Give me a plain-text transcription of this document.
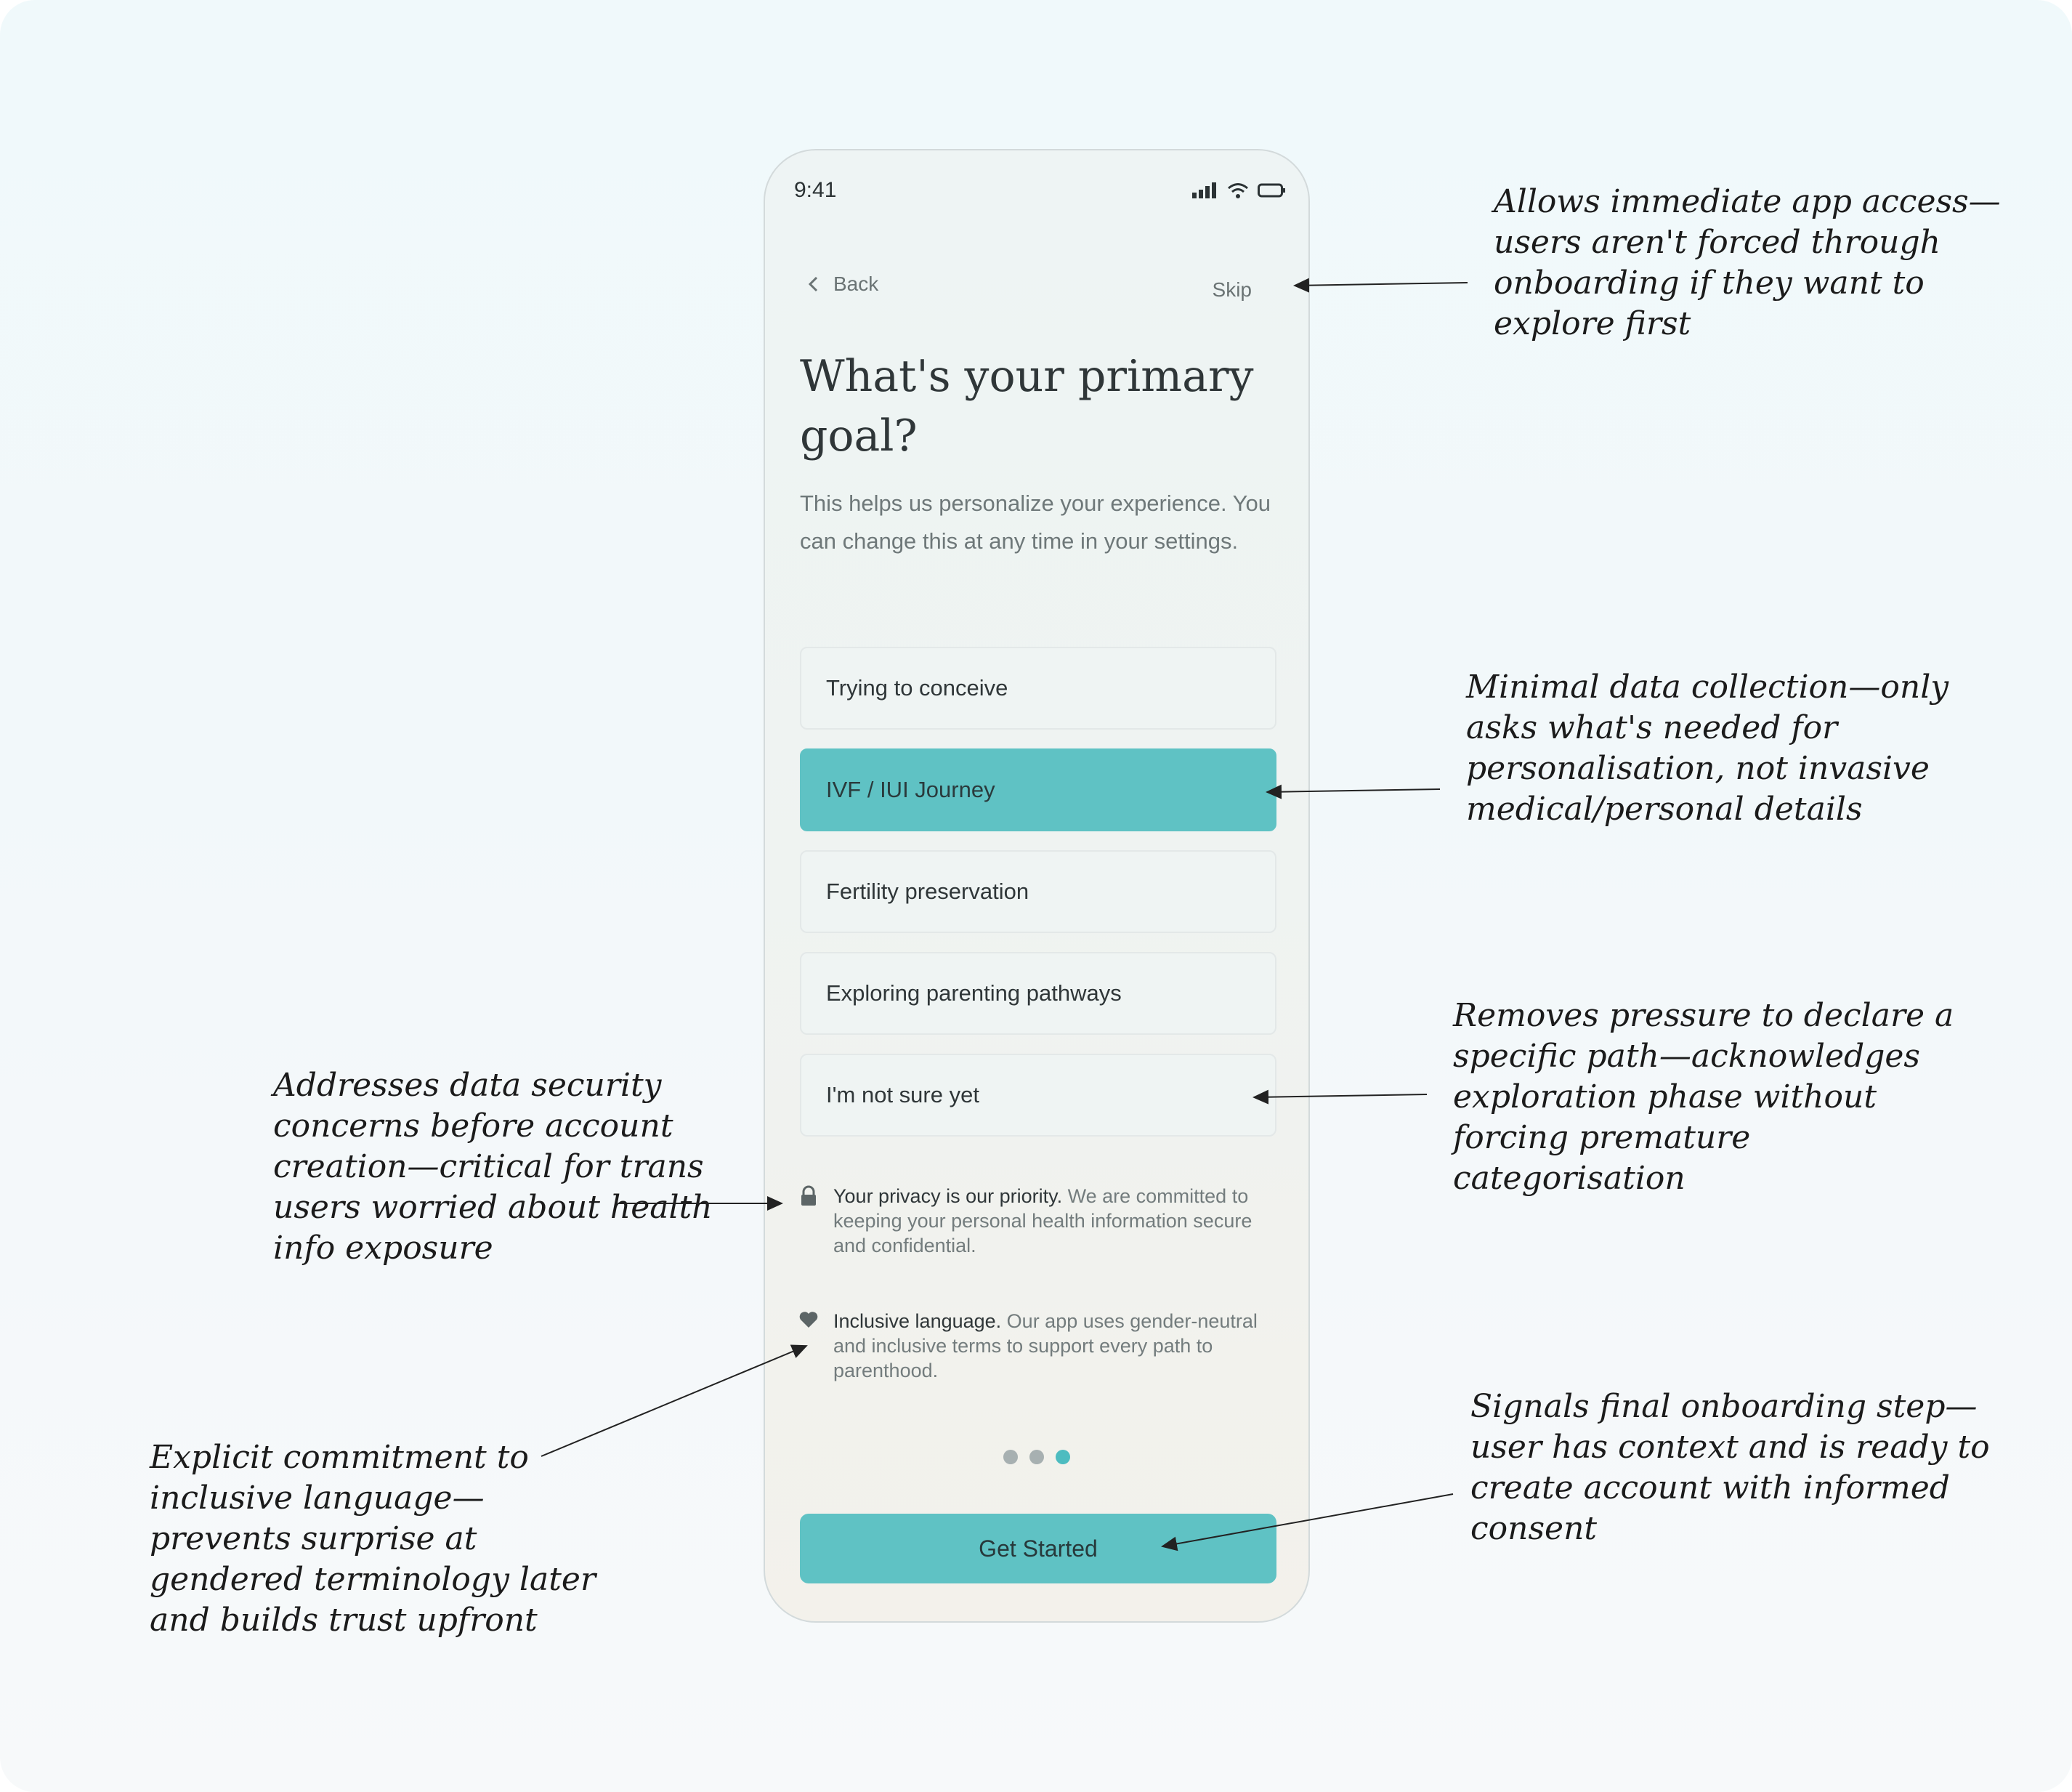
9:41
Back	Skip
What's your primary goal?

This helps us personalize your experience. You can change this at any time in your settings.

Trying to conceive
IVF / IUI Journey
Fertility preservation
Exploring parenting pathways
I'm not sure yet
Your privacy is our priority. We are committed to keeping your personal health information secure and confidential.
Inclusive language. Our app uses gender-neutral and inclusive terms to support every path to parenthood.
Get Started

Allows immediate app access—users aren't forced through onboarding if they want to explore first

Minimal data collection—only asks what's needed for personalisation, not invasive medical/personal details

Removes pressure to declare a specific path—acknowledges exploration phase without forcing premature categorisation

Addresses data security concerns before account creation—critical for trans users worried about health info exposure

Explicit commitment to inclusive language—prevents surprise at gendered terminology later and builds trust upfront

Signals final onboarding step—user has context and is ready to create account with informed consent
